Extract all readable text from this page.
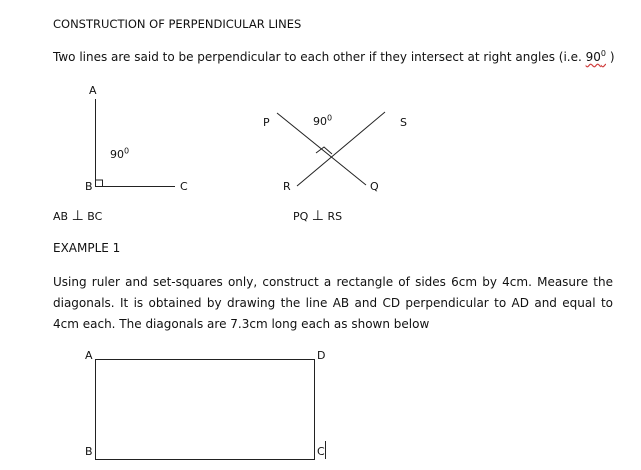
CONSTRUCTION OF PERPENDICULAR LINES
Two lines are said to be perpendicular to each other if they intersect at right angles (i.e. $90^0$ )
A
B	C
$90^0$
AB ⊥ BC
P	S
R	Q
$90^0$
PQ ⊥ RS
EXAMPLE 1
Using ruler and set-squares only, construct a rectangle of sides 6cm by 4cm. Measure the diagonals. It is obtained by drawing the line AB and CD perpendicular to AD and equal to 4cm each. The diagonals are 7.3cm long each as shown below
A	D
B	C
